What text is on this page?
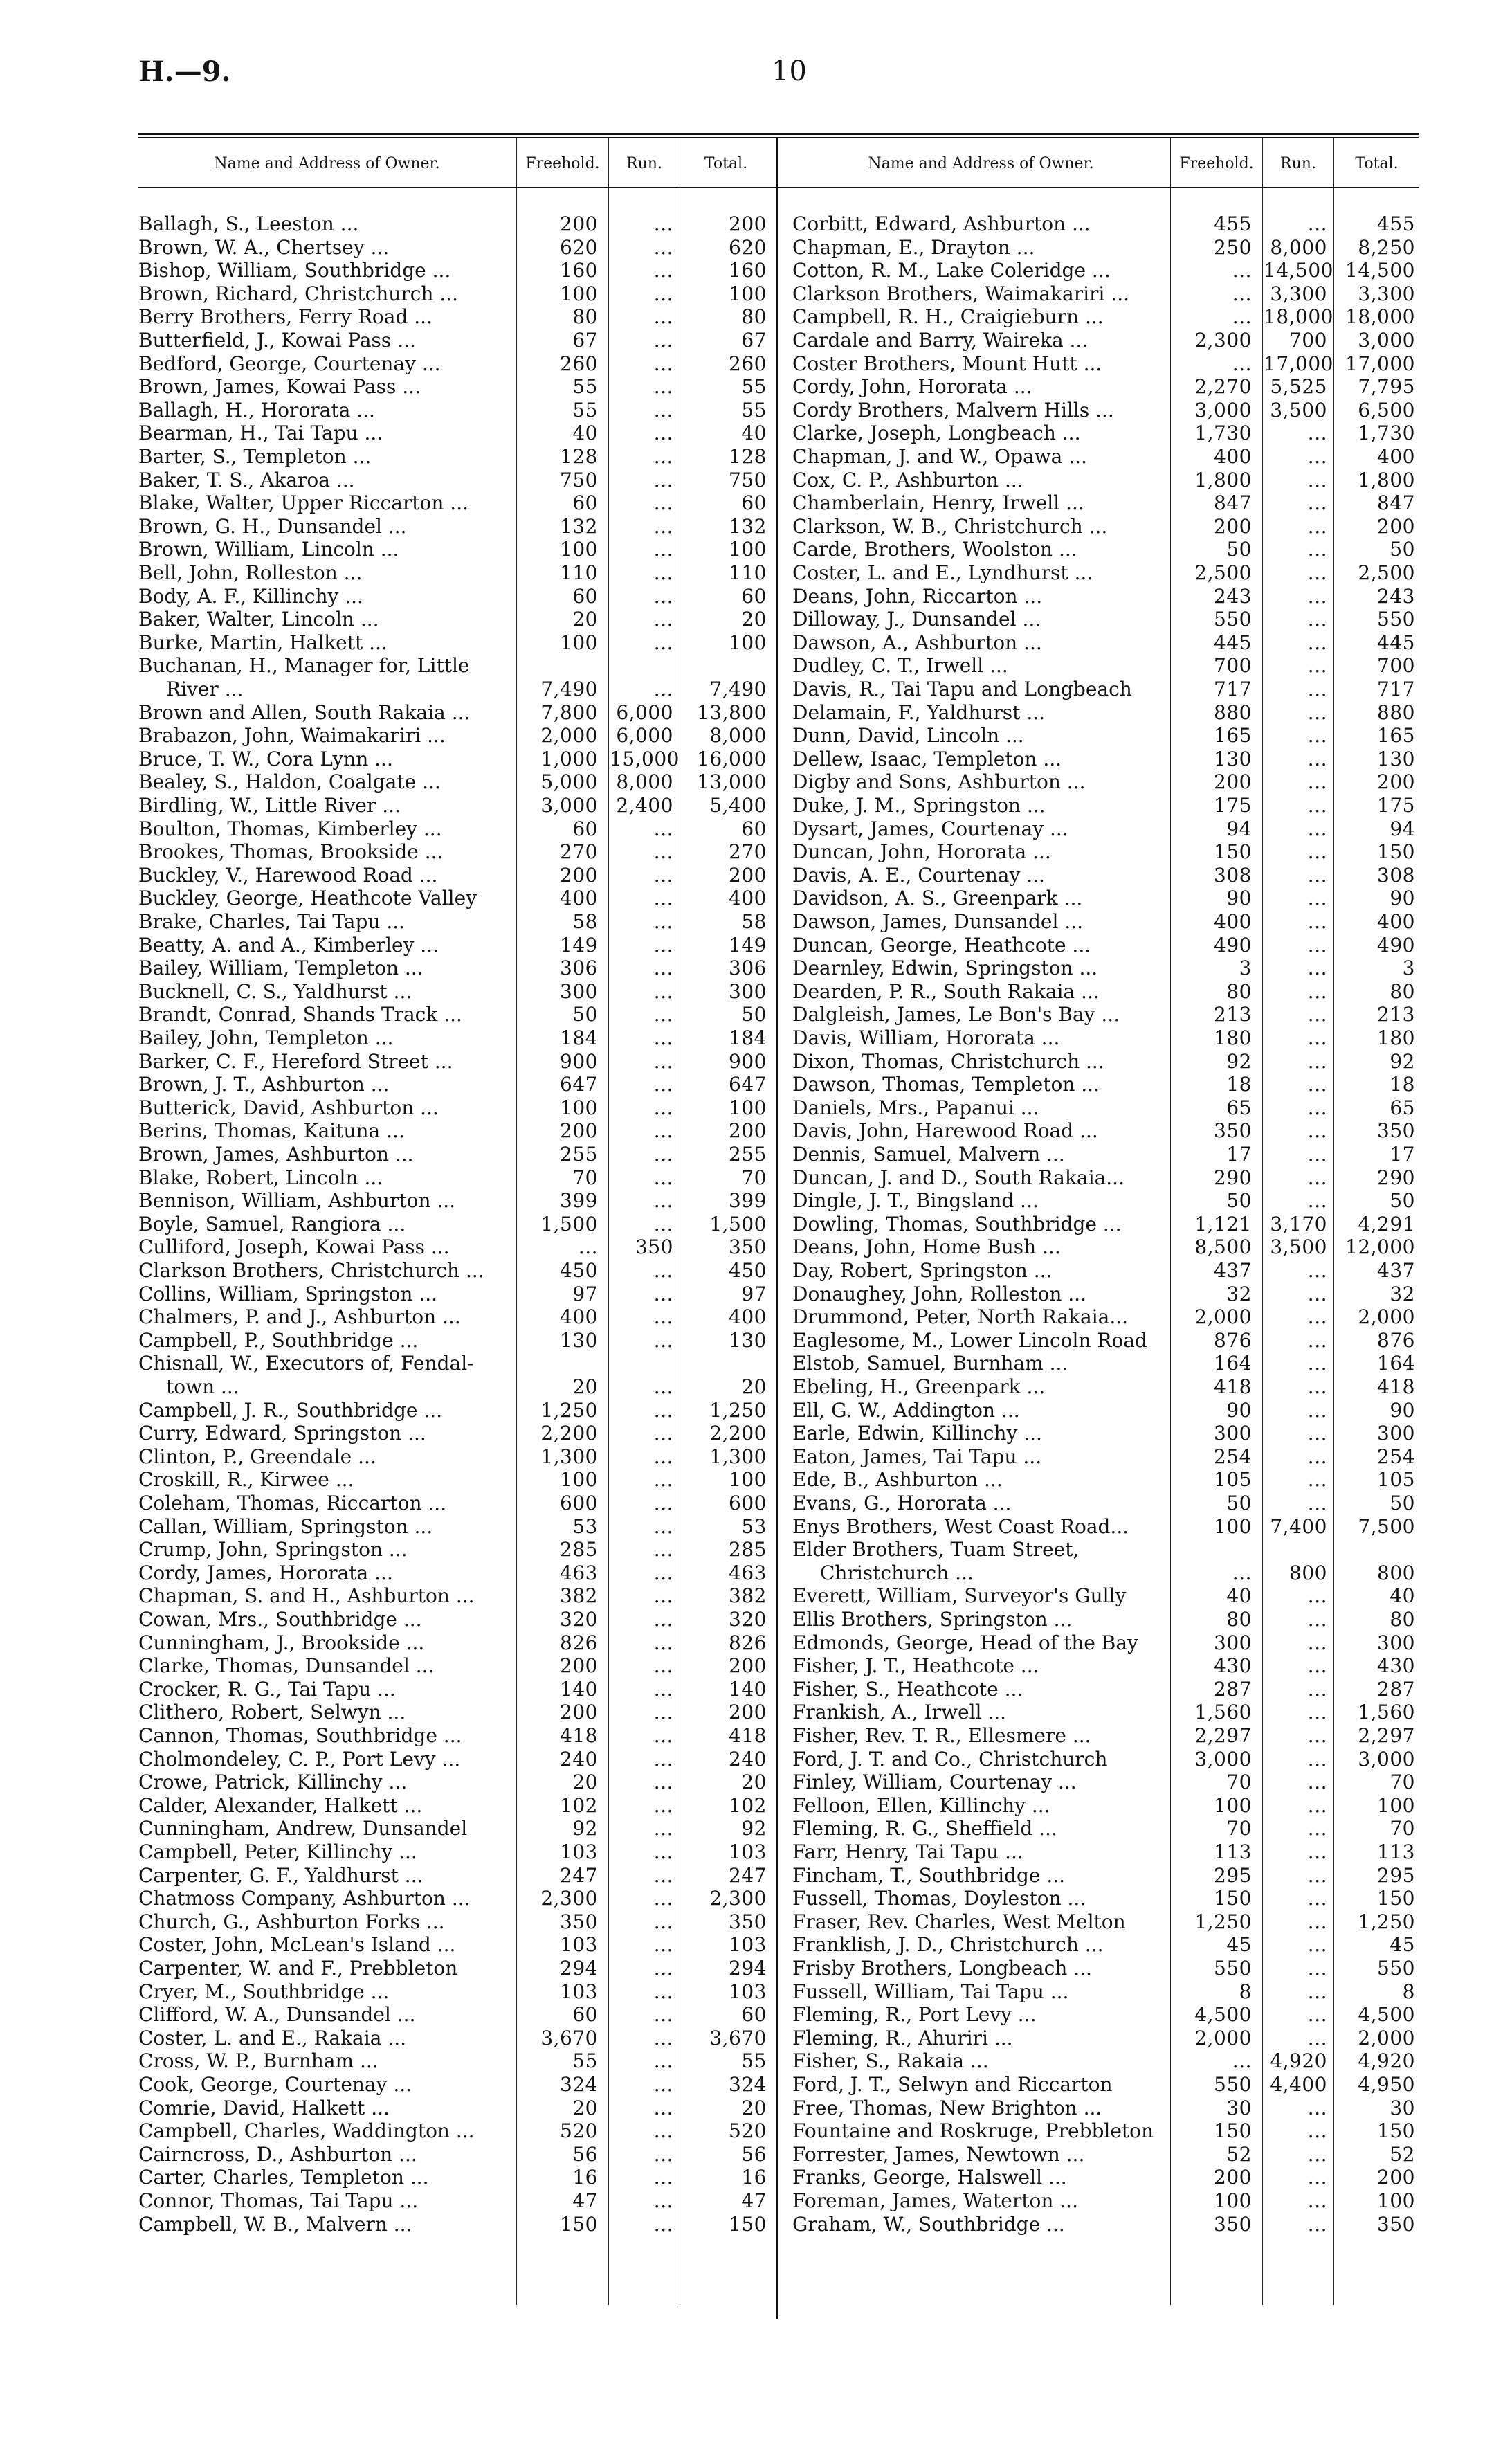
H.—9.	10
Name and Address of Owner.	Freehold.	Run.	Total.	Name and Address of Owner.	Freehold.	Run.	Total.
Ballagh, S., Leeston ...	200	...	200
Brown, W. A., Chertsey ...	620	...	620
Bishop, William, Southbridge ...	160	...	160
Brown, Richard, Christchurch ...	100	...	100
Berry Brothers, Ferry Road ...	80	...	80
Butterfield, J., Kowai Pass ...	67	...	67
Bedford, George, Courtenay ...	260	...	260
Brown, James, Kowai Pass ...	55	...	55
Ballagh, H., Hororata ...	55	...	55
Bearman, H., Tai Tapu ...	40	...	40
Barter, S., Templeton ...	128	...	128
Baker, T. S., Akaroa ...	750	...	750
Blake, Walter, Upper Riccarton ...	60	...	60
Brown, G. H., Dunsandel ...	132	...	132
Brown, William, Lincoln ...	100	...	100
Bell, John, Rolleston ...	110	...	110
Body, A. F., Killinchy ...	60	...	60
Baker, Walter, Lincoln ...	20	...	20
Burke, Martin, Halkett ...	100	...	100
Buchanan, H., Manager for, Little
River ...	7,490	...	7,490
Brown and Allen, South Rakaia ...	7,800 6,000	13,800
Brabazon, John, Waimakariri ...	2,000 6,000	8,000
Bruce, T. W., Cora Lynn ...	1,000 15,000 16,000
Bealey, S., Haldon, Coalgate ...	5,000 8,000	13,000
Birdling, W., Little River ...	3,000 2,400	5,400
Boulton, Thomas, Kimberley ...	60	...	60
Brookes, Thomas, Brookside ...	270	...	270
Buckley, V., Harewood Road ...	200	...	200
Buckley, George, Heathcote Valley	400	...	400
Brake, Charles, Tai Tapu ...	58	...	58
Beatty, A. and A., Kimberley ...	149	...	149
Bailey, William, Templeton ...	306	...	306
Bucknell, C. S., Yaldhurst ...	300	...	300
Brandt, Conrad, Shands Track ...	50	...	50
Bailey, John, Templeton ...	184	...	184
Barker, C. F., Hereford Street ...	900	...	900
Brown, J. T., Ashburton ...	647	...	647
Butterick, David, Ashburton ...	100	...	100
Berins, Thomas, Kaituna ...	200	...	200
Brown, James, Ashburton ...	255	...	255
Blake, Robert, Lincoln ...	70	...	70
Bennison, William, Ashburton ...	399	...	399
Boyle, Samuel, Rangiora ...	1,500	...	1,500
Culliford, Joseph, Kowai Pass ...	...	350	350
Clarkson Brothers, Christchurch ...	450	...	450
Collins, William, Springston ...	97	...	97
Chalmers, P. and J., Ashburton ...	400	...	400
Campbell, P., Southbridge ...	130	...	130
Chisnall, W., Executors of, Fendal-
town ...	20	...	20
Campbell, J. R., Southbridge ...	1,250	...	1,250
Curry, Edward, Springston ...	2,200	...	2,200
Clinton, P., Greendale ...	1,300	...	1,300
Croskill, R., Kirwee ...	100	...	100
Coleham, Thomas, Riccarton ...	600	...	600
Callan, William, Springston ...	53	...	53
Crump, John, Springston ...	285	...	285
Cordy, James, Hororata ...	463	...	463
Chapman, S. and H., Ashburton ...	382	...	382
Cowan, Mrs., Southbridge ...	320	...	320
Cunningham, J., Brookside ...	826	...	826
Clarke, Thomas, Dunsandel ...	200	...	200
Crocker, R. G., Tai Tapu ...	140	...	140
Clithero, Robert, Selwyn ...	200	...	200
Cannon, Thomas, Southbridge ...	418	...	418
Cholmondeley, C. P., Port Levy ...	240	...	240
Crowe, Patrick, Killinchy ...	20	...	20
Calder, Alexander, Halkett ...	102	...	102
Cunningham, Andrew, Dunsandel	92	...	92
Campbell, Peter, Killinchy ...	103	...	103
Carpenter, G. F., Yaldhurst ...	247	...	247
Chatmoss Company, Ashburton ...	2,300	...	2,300
Church, G., Ashburton Forks ...	350	...	350
Coster, John, McLean's Island ...	103	...	103
Carpenter, W. and F., Prebbleton	294	...	294
Cryer, M., Southbridge ...	103	...	103
Clifford, W. A., Dunsandel ...	60	...	60
Coster, L. and E., Rakaia ...	3,670	...	3,670
Cross, W. P., Burnham ...	55	...	55
Cook, George, Courtenay ...	324	...	324
Comrie, David, Halkett ...	20	...	20
Campbell, Charles, Waddington ...	520	...	520
Cairncross, D., Ashburton ...	56	...	56
Carter, Charles, Templeton ...	16	...	16
Connor, Thomas, Tai Tapu ...	47	...	47
Campbell, W. B., Malvern ...	150	...	150
Corbitt, Edward, Ashburton ...	455	...	455
Chapman, E., Drayton ...	250 8,000	8,250
Cotton, R. M., Lake Coleridge ...	... 14,500 14,500
Clarkson Brothers, Waimakariri ...	... 3,300	3,300
Campbell, R. H., Craigieburn ...	... 18,000 18,000
Cardale and Barry, Waireka ...	2,300	700	3,000
Coster Brothers, Mount Hutt ...	... 17,000 17,000
Cordy, John, Hororata ...	2,270 5,525	7,795
Cordy Brothers, Malvern Hills ...	3,000 3,500	6,500
Clarke, Joseph, Longbeach ...	1,730	...	1,730
Chapman, J. and W., Opawa ...	400	...	400
Cox, C. P., Ashburton ...	1,800	...	1,800
Chamberlain, Henry, Irwell ...	847	...	847
Clarkson, W. B., Christchurch ...	200	...	200
Carde, Brothers, Woolston ...	50	...	50
Coster, L. and E., Lyndhurst ...	2,500	...	2,500
Deans, John, Riccarton ...	243	...	243
Dilloway, J., Dunsandel ...	550	...	550
Dawson, A., Ashburton ...	445	...	445
Dudley, C. T., Irwell ...	700	...	700
Davis, R., Tai Tapu and Longbeach	717	...	717
Delamain, F., Yaldhurst ...	880	...	880
Dunn, David, Lincoln ...	165	...	165
Dellew, Isaac, Templeton ...	130	...	130
Digby and Sons, Ashburton ...	200	...	200
Duke, J. M., Springston ...	175	...	175
Dysart, James, Courtenay ...	94	...	94
Duncan, John, Hororata ...	150	...	150
Davis, A. E., Courtenay ...	308	...	308
Davidson, A. S., Greenpark ...	90	...	90
Dawson, James, Dunsandel ...	400	...	400
Duncan, George, Heathcote ...	490	...	490
Dearnley, Edwin, Springston ...	3	...	3
Dearden, P. R., South Rakaia ...	80	...	80
Dalgleish, James, Le Bon's Bay ...	213	...	213
Davis, William, Hororata ...	180	...	180
Dixon, Thomas, Christchurch ...	92	...	92
Dawson, Thomas, Templeton ...	18	...	18
Daniels, Mrs., Papanui ...	65	...	65
Davis, John, Harewood Road ...	350	...	350
Dennis, Samuel, Malvern ...	17	...	17
Duncan, J. and D., South Rakaia...	290	...	290
Dingle, J. T., Bingsland ...	50	...	50
Dowling, Thomas, Southbridge ...	1,121 3,170	4,291
Deans, John, Home Bush ...	8,500 3,500 12,000
Day, Robert, Springston ...	437	...	437
Donaughey, John, Rolleston ...	32	...	32
Drummond, Peter, North Rakaia...	2,000	...	2,000
Eaglesome, M., Lower Lincoln Road	876	...	876
Elstob, Samuel, Burnham ...	164	...	164
Ebeling, H., Greenpark ...	418	...	418
Ell, G. W., Addington ...	90	...	90
Earle, Edwin, Killinchy ...	300	...	300
Eaton, James, Tai Tapu ...	254	...	254
Ede, B., Ashburton ...	105	...	105
Evans, G., Hororata ...	50	...	50
Enys Brothers, West Coast Road...	100 7,400	7,500
Elder Brothers, Tuam Street,
Christchurch ...	...	800	800
Everett, William, Surveyor's Gully	40	...	40
Ellis Brothers, Springston ...	80	...	80
Edmonds, George, Head of the Bay	300	...	300
Fisher, J. T., Heathcote ...	430	...	430
Fisher, S., Heathcote ...	287	...	287
Frankish, A., Irwell ...	1,560	...	1,560
Fisher, Rev. T. R., Ellesmere ...	2,297	...	2,297
Ford, J. T. and Co., Christchurch	3,000	...	3,000
Finley, William, Courtenay ...	70	...	70
Felloon, Ellen, Killinchy ...	100	...	100
Fleming, R. G., Sheffield ...	70	...	70
Farr, Henry, Tai Tapu ...	113	...	113
Fincham, T., Southbridge ...	295	...	295
Fussell, Thomas, Doyleston ...	150	...	150
Fraser, Rev. Charles, West Melton	1,250	...	1,250
Franklish, J. D., Christchurch ...	45	...	45
Frisby Brothers, Longbeach ...	550	...	550
Fussell, William, Tai Tapu ...	8	...	8
Fleming, R., Port Levy ...	4,500	...	4,500
Fleming, R., Ahuriri ...	2,000	...	2,000
Fisher, S., Rakaia ...	... 4,920	4,920
Ford, J. T., Selwyn and Riccarton	550 4,400	4,950
Free, Thomas, New Brighton ...	30	...	30
Fountaine and Roskruge, Prebbleton	150	...	150
Forrester, James, Newtown ...	52	...	52
Franks, George, Halswell ...	200	...	200
Foreman, James, Waterton ...	100	...	100
Graham, W., Southbridge ...	350	...	350
